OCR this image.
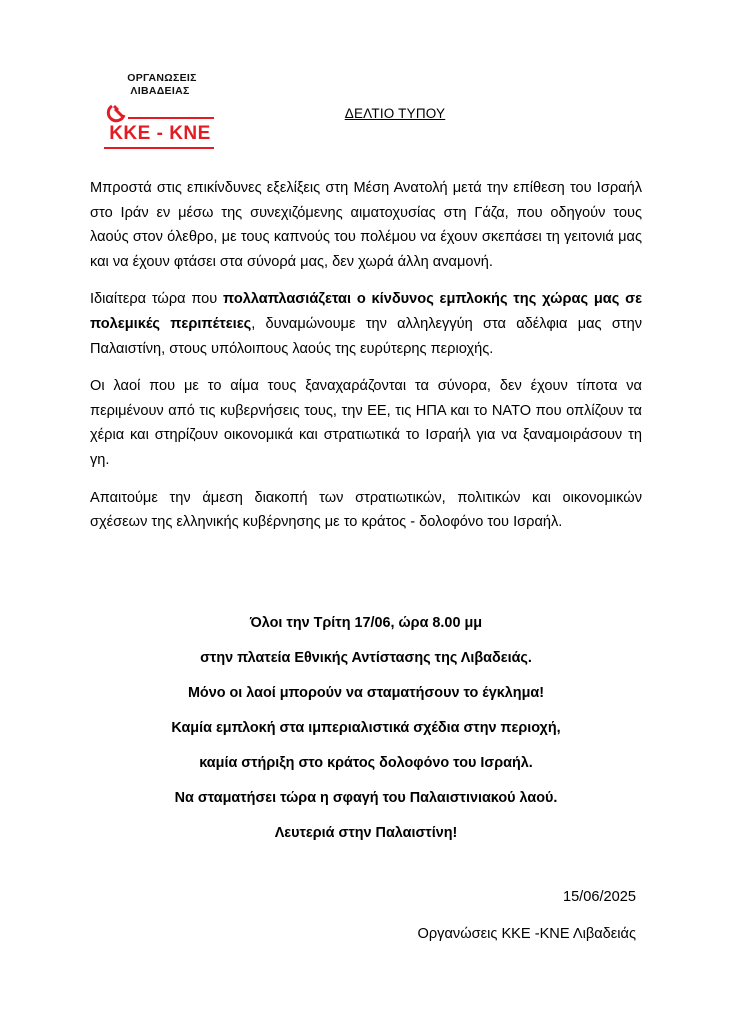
ΟΡΓΑΝΩΣΕΙΣ
ΛΙΒΑΔΕΙΑΣ
ΚΚΕ - ΚΝΕ
ΔΕΛΤΙΟ ΤΥΠΟΥ

Μπροστά στις επικίνδυνες εξελίξεις στη Μέση Ανατολή μετά την επίθεση του Ισραήλ στο Ιράν εν μέσω της συνεχιζόμενης αιματοχυσίας στη Γάζα, που οδηγούν τους λαούς στον όλεθρο, με τους καπνούς του πολέμου να έχουν σκεπάσει τη γειτονιά μας και να έχουν φτάσει στα σύνορά μας, δεν χωρά άλλη αναμονή.

Ιδιαίτερα τώρα που πολλαπλασιάζεται ο κίνδυνος εμπλοκής της χώρας μας σε πολεμικές περιπέτειες, δυναμώνουμε την αλληλεγγύη στα αδέλφια μας στην Παλαιστίνη, στους υπόλοιπους λαούς της ευρύτερης περιοχής.

Οι λαοί που με το αίμα τους ξαναχαράζονται τα σύνορα, δεν έχουν τίποτα να περιμένουν από τις κυβερνήσεις τους, την ΕΕ, τις ΗΠΑ και το ΝΑΤΟ που οπλίζουν τα χέρια και στηρίζουν οικονομικά και στρατιωτικά το Ισραήλ για να ξαναμοιράσουν τη γη.

Απαιτούμε την άμεση διακοπή των στρατιωτικών, πολιτικών και οικονομικών σχέσεων της ελληνικής κυβέρνησης με το κράτος - δολοφόνο του Ισραήλ.

Όλοι την Τρίτη 17/06, ώρα 8.00 μμ
στην πλατεία Εθνικής Αντίστασης της Λιβαδειάς.
Μόνο οι λαοί μπορούν να σταματήσουν το έγκλημα!
Καμία εμπλοκή στα ιμπεριαλιστικά σχέδια στην περιοχή,
καμία στήριξη στο κράτος δολοφόνο του Ισραήλ.
Να σταματήσει τώρα η σφαγή του Παλαιστινιακού λαού.
Λευτεριά στην Παλαιστίνη!
15/06/2025
Οργανώσεις ΚΚΕ -ΚΝΕ Λιβαδειάς
